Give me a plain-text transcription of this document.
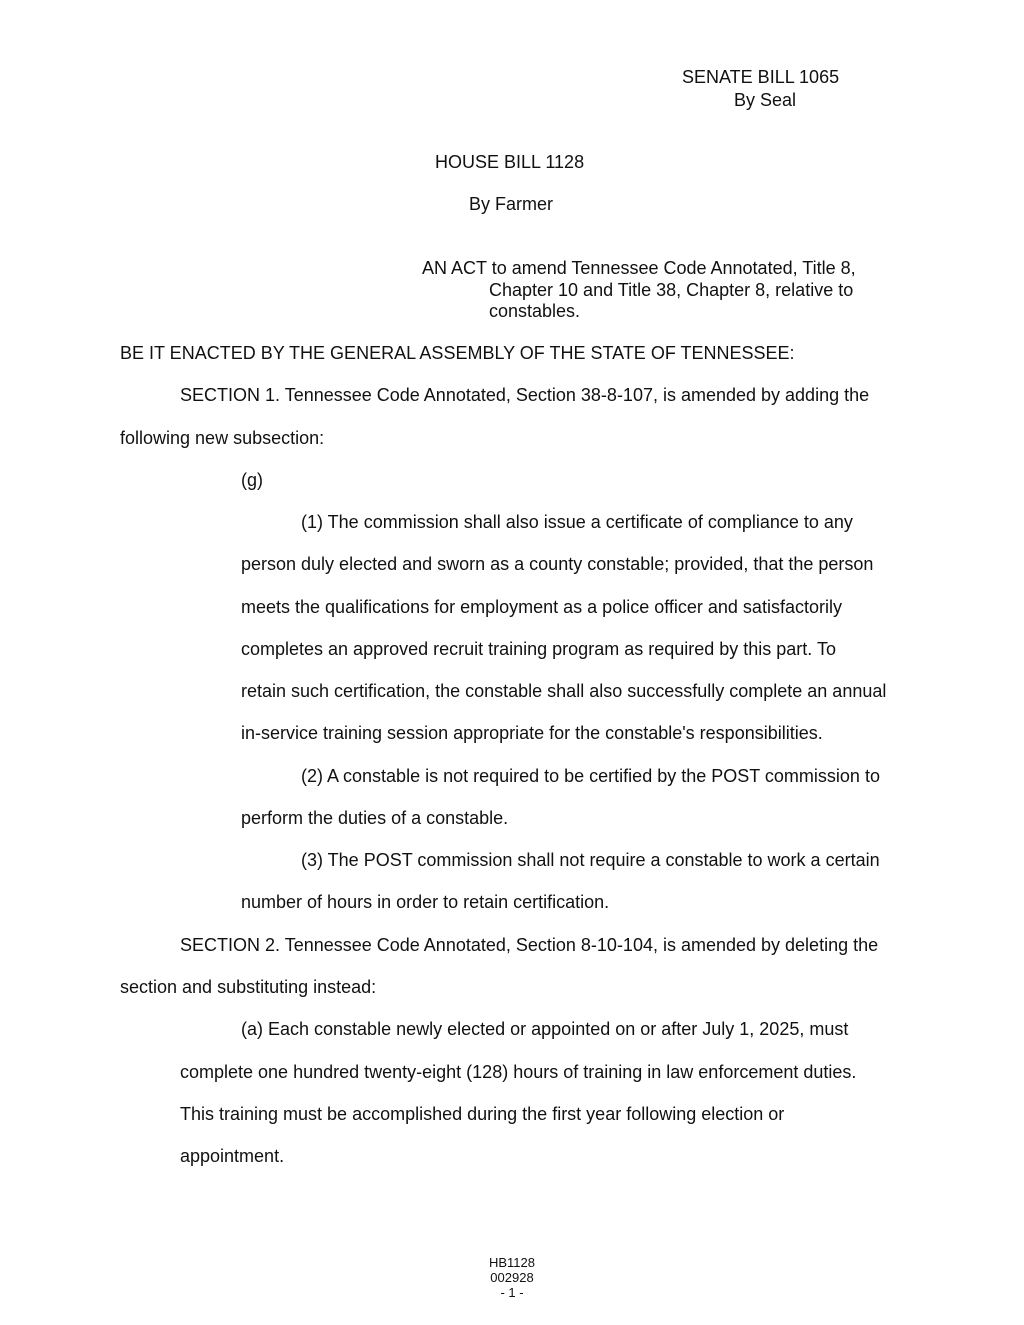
SENATE BILL 1065
By Seal
HOUSE BILL 1128
By Farmer
AN ACT to amend Tennessee Code Annotated, Title 8,
Chapter 10 and Title 38, Chapter 8, relative to
constables.
BE IT ENACTED BY THE GENERAL ASSEMBLY OF THE STATE OF TENNESSEE:
SECTION 1. Tennessee Code Annotated, Section 38-8-107, is amended by adding the
following new subsection:
(g)
(1) The commission shall also issue a certificate of compliance to any
person duly elected and sworn as a county constable; provided, that the person
meets the qualifications for employment as a police officer and satisfactorily
completes an approved recruit training program as required by this part. To
retain such certification, the constable shall also successfully complete an annual
in-service training session appropriate for the constable's responsibilities.
(2) A constable is not required to be certified by the POST commission to
perform the duties of a constable.
(3) The POST commission shall not require a constable to work a certain
number of hours in order to retain certification.
SECTION 2. Tennessee Code Annotated, Section 8-10-104, is amended by deleting the
section and substituting instead:
(a) Each constable newly elected or appointed on or after July 1, 2025, must
complete one hundred twenty-eight (128) hours of training in law enforcement duties.
This training must be accomplished during the first year following election or
appointment.
HB1128
002928
- 1 -
